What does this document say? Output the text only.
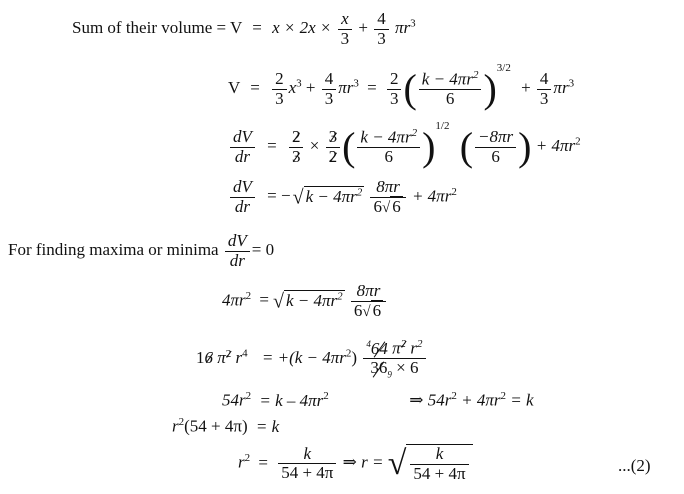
Sum of their volume = $V = x \times 2x \times \frac{x}{3} + \frac{4}{3} \pi r^3$
$V = \frac{2}{3} x^3 + \frac{4}{3} \pi r^3 = \frac{2}{3}$ ( $\frac{k - 4\pi r^2}{6} )^{3/2} + \frac{4}{3} \pi r^3$
$\frac{dV}{dr} = \frac{2}{3} \times \frac{3}{2}$ ( $\frac{k - 4\pi r^2}{6} )^{1/2}$ ( $\frac{-8\pi r}{6}$ ) + $4\pi r^2$
$\frac{dV}{dr}$ = − √ $k - 4\pi r^2 \frac{8\pi r}{6√ 6} + 4\pi r^2$
For finding maxima or minima $\frac{dV}{dr} = 0$
$4\pi r^2$ = √ $k - 4\pi r^2 \frac{8\pi r}{6√ 6}$
16 π2 $r^4 = +(k - 4\pi r^2) \frac{^464 \pi 2 r^2}{36_9 \times 6}$
$54r^2 = k - 4\pi r^2$	⇒ $54r^2 + 4\pi r^2 = k$
$r^2(54 + 4\pi) = k$
$r^2 = \frac{k}{54 + 4\pi}$ ⇒ r = √ $\frac{k}{54 + 4\pi}$	...(2)
